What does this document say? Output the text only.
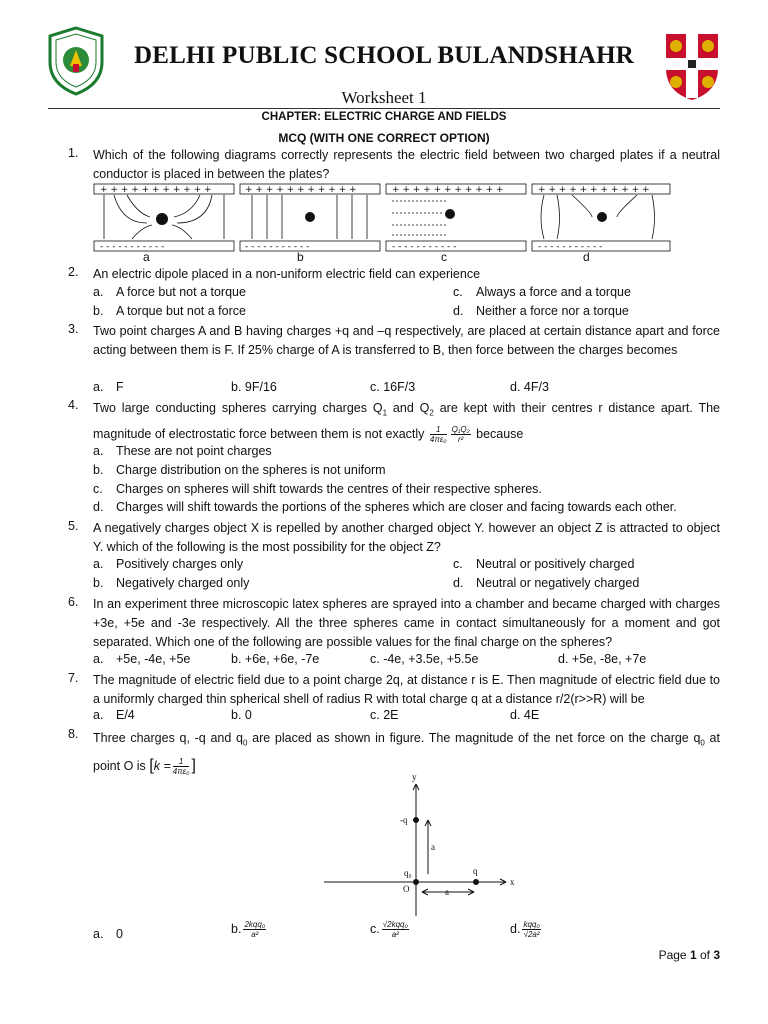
DELHI PUBLIC SCHOOL BULANDSHAHR
Worksheet 1
CHAPTER: ELECTRIC CHARGE AND FIELDS
MCQ (WITH ONE CORRECT OPTION)
1.	Which of the following diagrams correctly represents the electric field between two charged plates if a neutral conductor is placed in between the plates?
+ + + + + + + + + + +	+ + + + + + + + + + +	+ + + + + + + + + + +	+ + + + + + + + + + +
- - - - - - - - - - -	- - - - - - - - - - -	- - - - - - - - - - -	- - - - - - - - - - -
a	b	c	d
2.	An electric dipole placed in a non-uniform electric field can experience
a.	A force but not a torque	c.	Always a force and a torque
b.	A torque but not a force	d.	Neither a force nor a torque
3.	Two point charges A and B having charges +q and –q respectively, are placed at certain distance apart and force acting between them is F. If 25% charge of A is transferred to B, then force between the charges becomes
a.	F	b. 9F/16	c. 16F/3	d. 4F/3
4.	Two large conducting spheres carrying charges $Q_1$ and $Q_2$ are kept with their centres r distance apart. The magnitude of electrostatic force between them is not exactly $\frac{1}{\text{4πε₀}} \frac{\text{Q₁Q₂}}{\text{r²}}$ because
a.	These are not point charges
b.	Charge distribution on the spheres is not uniform
c.	Charges on spheres will shift towards the centres of their respective spheres.
d.	Charges will shift towards the portions of the spheres which are closer and facing towards each other.
5.	A negatively charges object X is repelled by another charged object Y. however an object Z is attracted to object Y. which of the following is the most possibility for the object Z?
a.	Positively charges only	c.	Neutral or positively charged
b.	Negatively charged only	d.	Neutral or negatively charged
6.	In an experiment three microscopic latex spheres are sprayed into a chamber and became charged with charges +3e, +5e and -3e respectively. All the three spheres came in contact simultaneously for a moment and got separated. Which one of the following are possible values for the final charge on the spheres?
a.	+5e, -4e, +5e	b. +6e, +6e, -7e	c. -4e, +3.5e, +5.5e	d. +5e, -8e, +7e
7.	The magnitude of electric field due to a point charge 2q, at distance r is E. Then magnitude of electric field due to a uniformly charged thin spherical shell of radius R with total charge q at a distance r/2(r>>R) will be
a.	E/4	b. 0	c. 2E	d. 4E
8.	Three charges q, -q and $q_0$ are placed as shown in figure. The magnitude of the net force on the charge $q_0$ at point O is [$k = \frac{1}{\text{4πε₀}}$ ]
y
x
-q
q₀	q
O
a
a
a.	0	b. $\frac{\text{2kqq₀}}{\text{a²}}$	c. $\frac{\text{√2kqq₀}}{\text{a²}}$	d. $\frac{\text{kqq₀}}{\text{√2a²}}$
Page 1 of 3
